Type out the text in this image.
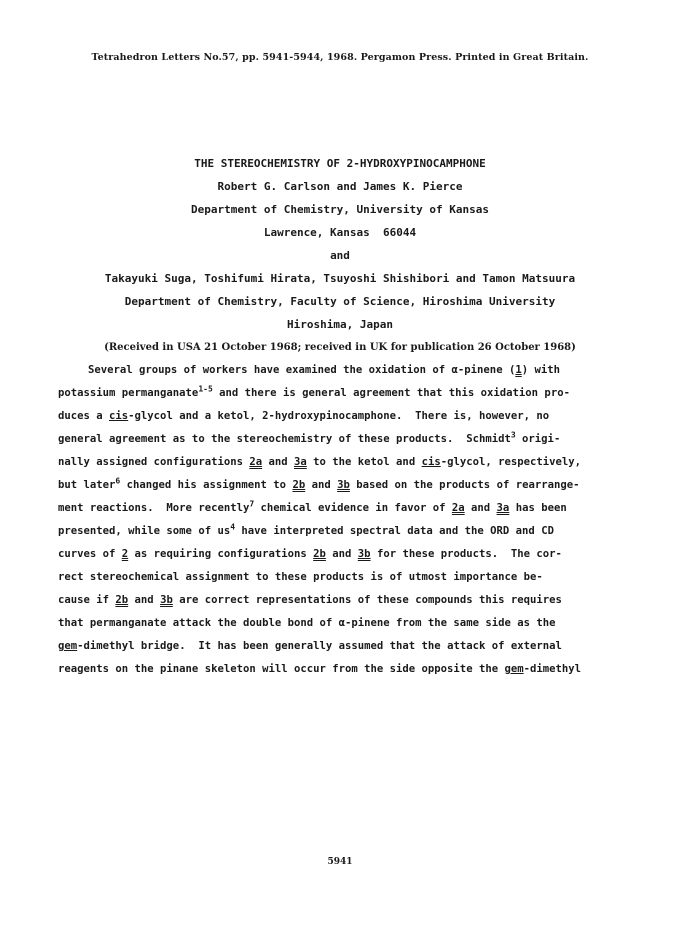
Tetrahedron Letters No.57, pp. 5941-5944, 1968. Pergamon Press. Printed in Great Britain.
THE STEREOCHEMISTRY OF 2-HYDROXYPINOCAMPHONE
Robert G. Carlson and James K. Pierce
Department of Chemistry, University of Kansas
Lawrence, Kansas  66044
and
Takayuki Suga, Toshifumi Hirata, Tsuyoshi Shishibori and Tamon Matsuura
Department of Chemistry, Faculty of Science, Hiroshima University
Hiroshima, Japan
(Received in USA 21 October 1968; received in UK for publication 26 October 1968)
Several groups of workers have examined the oxidation of α-pinene (1) with
potassium permanganate$^{1-5}$ and there is general agreement that this oxidation pro-
duces a cis-glycol and a ketol, 2-hydroxypinocamphone.  There is, however, no
general agreement as to the stereochemistry of these products.  Schmidt$^3$ origi-
nally assigned configurations 2a and 3a to the ketol and cis-glycol, respectively,
but later$^6$ changed his assignment to 2b and 3b based on the products of rearrange-
ment reactions.  More recently$^7$ chemical evidence in favor of 2a and 3a has been
presented, while some of $us^4$ have interpreted spectral data and the ORD and CD
curves of 2 as requiring configurations 2b and 3b for these products.  The cor-
rect stereochemical assignment to these products is of utmost importance be-
cause if 2b and 3b are correct representations of these compounds this requires
that permanganate attack the double bond of α-pinene from the same side as the
gem-dimethyl bridge.  It has been generally assumed that the attack of external
reagents on the pinane skeleton will occur from the side opposite the gem-dimethyl
5941
